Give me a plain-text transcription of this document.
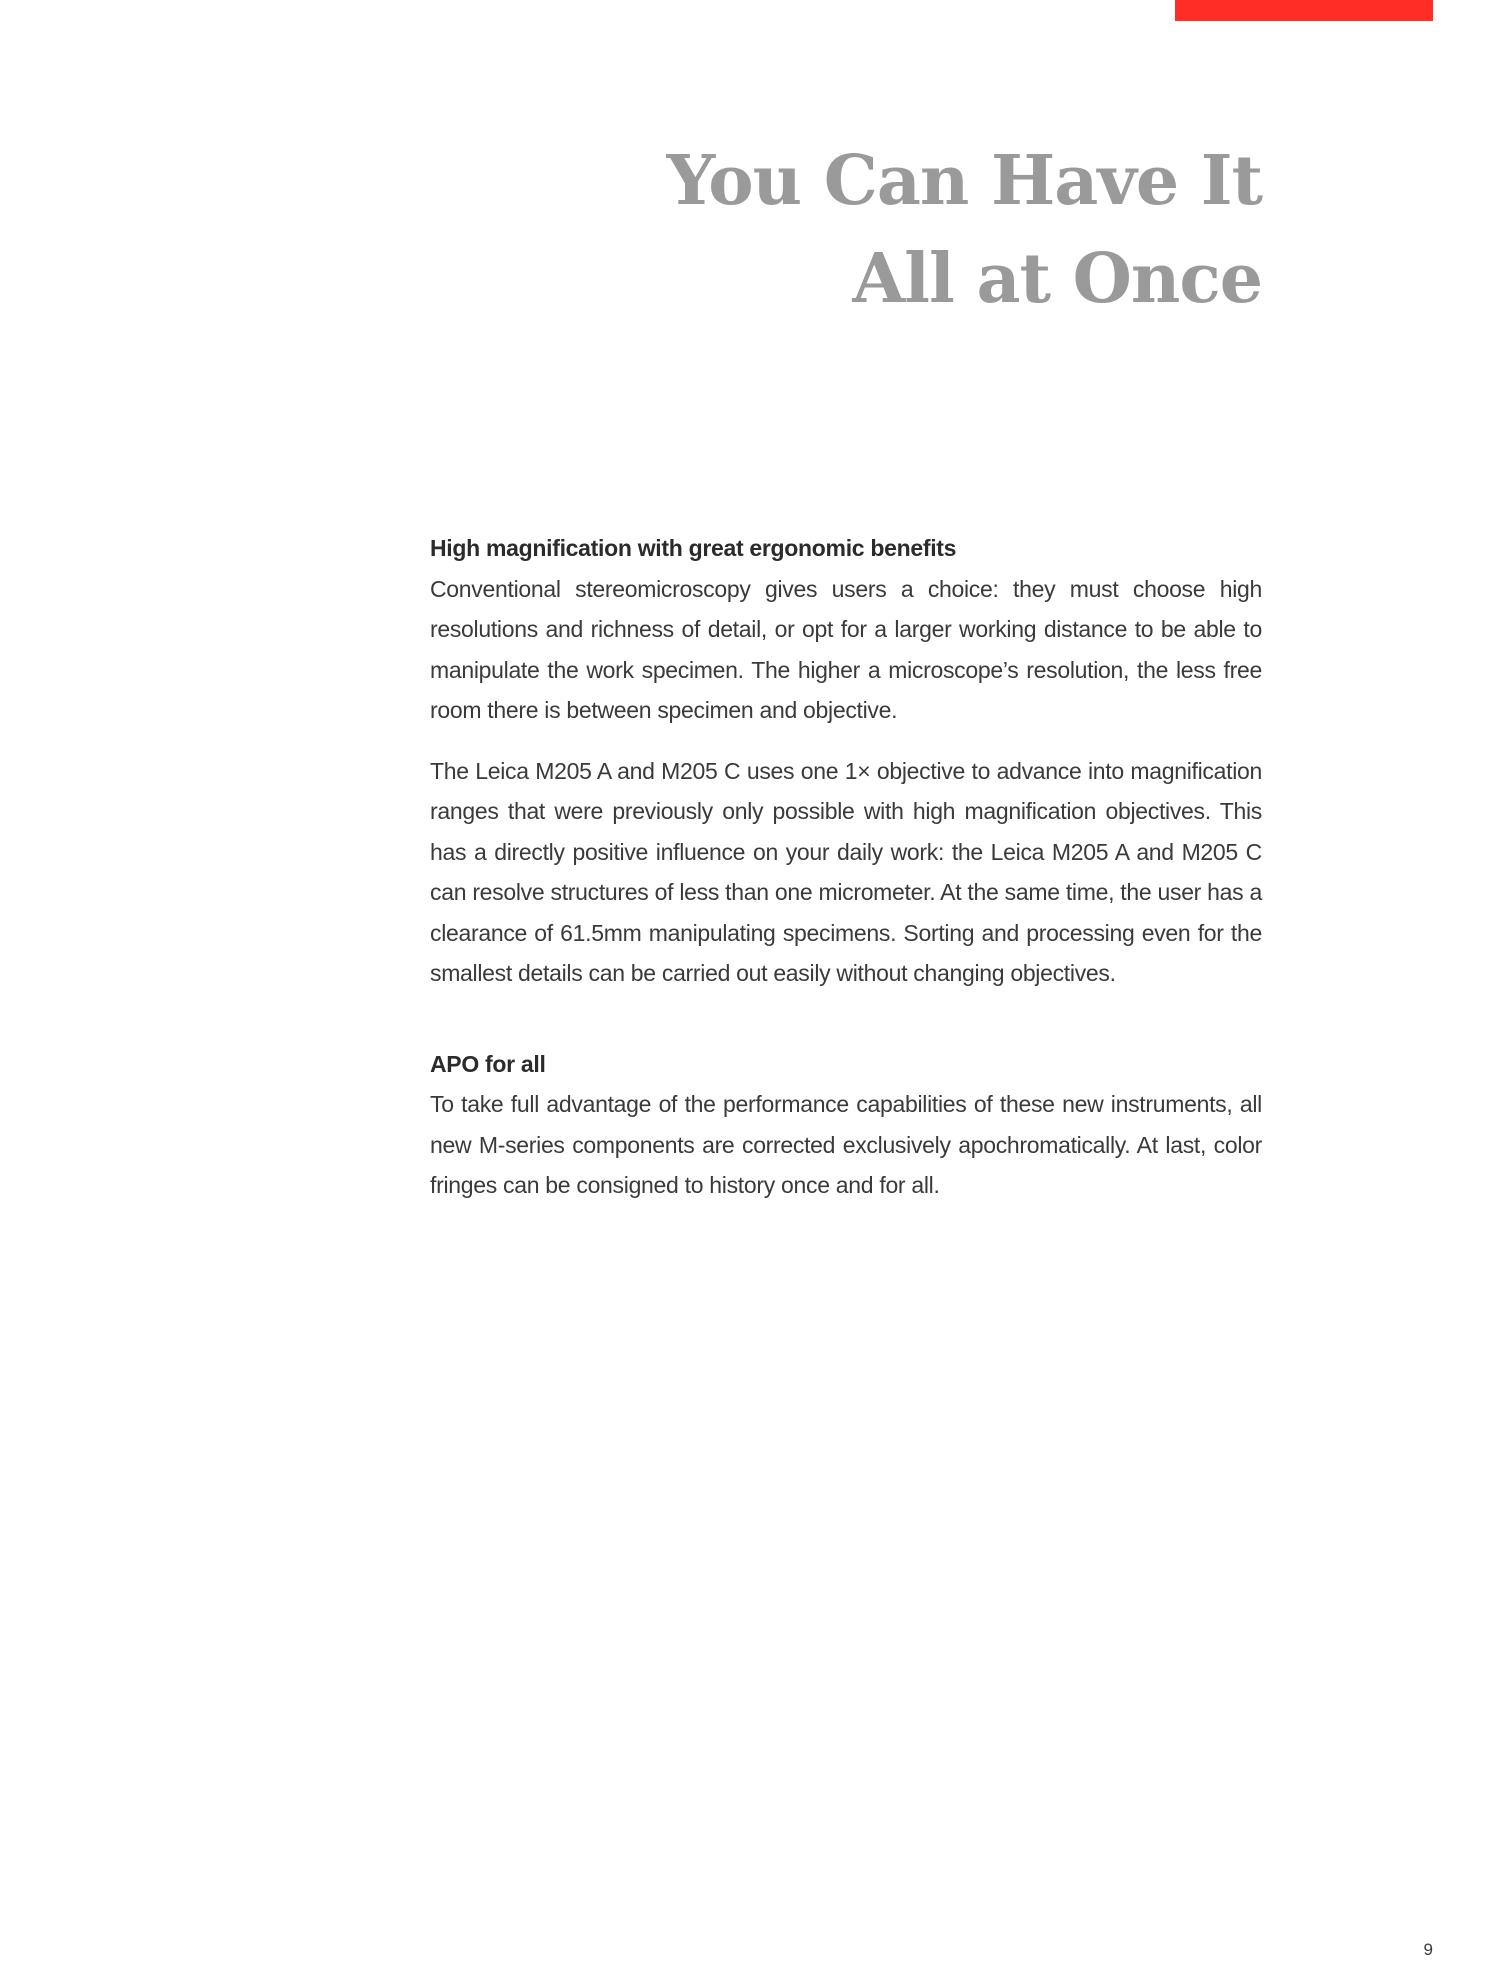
You Can Have It
All at Once
High magnification with great ergonomic benefits

Conventional stereomicroscopy gives users a choice: they must choose high resolutions and richness of detail, or opt for a larger working distance to be able to manipulate the work specimen. The higher a microscope’s resolution, the less free room there is between specimen and objective.

The Leica M205 A and M205 C uses one 1× objective to advance into magnification ranges that were previously only possible with high magnification objectives. This has a directly positive influence on your daily work: the Leica M205 A and M205 C can resolve structures of less than one micrometer. At the same time, the user has a clearance of 61.5mm manipulating specimens. Sorting and processing even for the smallest details can be carried out easily without changing objectives.

APO for all

To take full advantage of the performance capabilities of these new instruments, all new M-series components are corrected exclusively apochromatically. At last, color fringes can be consigned to history once and for all.

9
